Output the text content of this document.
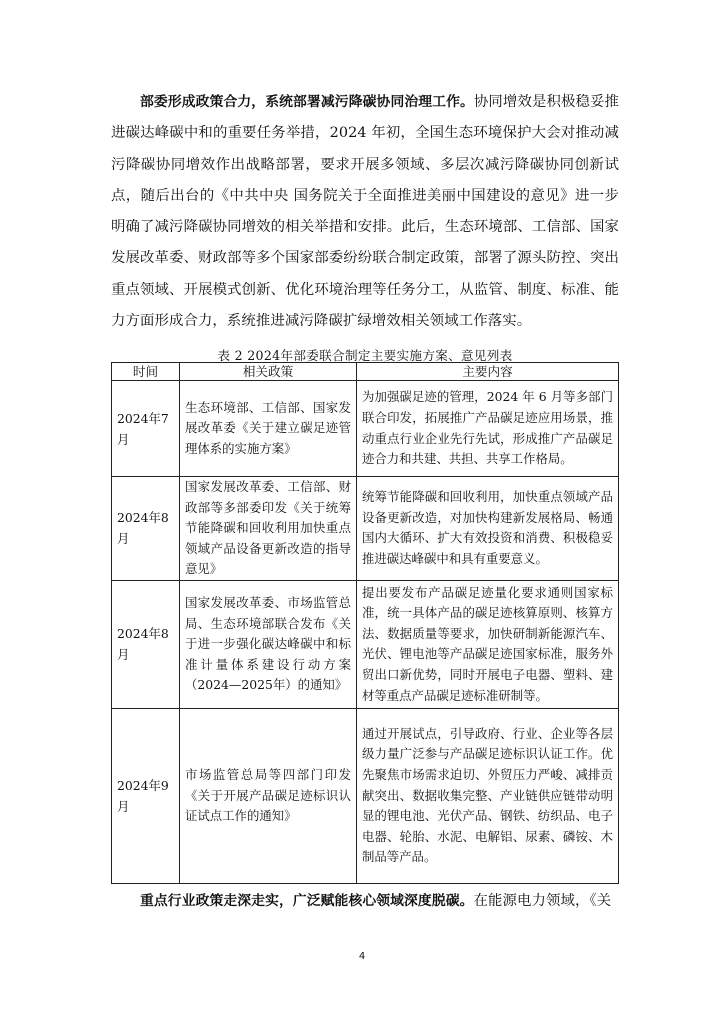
部委形成政策合力，系统部署减污降碳协同治理工作。协同增效是积极稳妥推进碳达峰碳中和的重要任务举措，2024 年初，全国生态环境保护大会对推动减污降碳协同增效作出战略部署，要求开展多领域、多层次减污降碳协同创新试点，随后出台的《中共中央 国务院关于全面推进美丽中国建设的意见》进一步明确了减污降碳协同增效的相关举措和安排。此后，生态环境部、工信部、国家发展改革委、财政部等多个国家部委纷纷联合制定政策，部署了源头防控、突出重点领域、开展模式创新、优化环境治理等任务分工，从监管、制度、标准、能力方面形成合力，系统推进减污降碳扩绿增效相关领域工作落实。

表 2 2024年部委联合制定主要实施方案、意见列表
时间	相关政策	主要内容
2024年7月	生态环境部、工信部、国家发展改革委《关于建立碳足迹管理体系的实施方案》	为加强碳足迹的管理，2024 年 6 月等多部门联合印发，拓展推广产品碳足迹应用场景，推动重点行业企业先行先试，形成推广产品碳足迹合力和共建、共担、共享工作格局。
2024年8月	国家发展改革委、工信部、财政部等多部委印发《关于统筹节能降碳和回收利用加快重点领域产品设备更新改造的指导意见》	统筹节能降碳和回收利用，加快重点领域产品设备更新改造，对加快构建新发展格局、畅通国内大循环、扩大有效投资和消费、积极稳妥推进碳达峰碳中和具有重要意义。
2024年8月	国家发展改革委、市场监管总局、生态环境部联合发布《关于进一步强化碳达峰碳中和标准计量体系建设行动方案（2024—2025年）的通知》	提出要发布产品碳足迹量化要求通则国家标准，统一具体产品的碳足迹核算原则、核算方法、数据质量等要求，加快研制新能源汽车、光伏、锂电池等产品碳足迹国家标准，服务外贸出口新优势，同时开展电子电器、塑料、建材等重点产品碳足迹标准研制等。
2024年9月	市场监管总局等四部门印发《关于开展产品碳足迹标识认证试点工作的通知》	通过开展试点，引导政府、行业、企业等各层级力量广泛参与产品碳足迹标识认证工作。优先聚焦市场需求迫切、外贸压力严峻、减排贡献突出、数据收集完整、产业链供应链带动明显的锂电池、光伏产品、钢铁、纺织品、电子电器、轮胎、水泥、电解铝、尿素、磷铵、木制品等产品。

重点行业政策走深走实，广泛赋能核心领域深度脱碳。在能源电力领域，《关

4
